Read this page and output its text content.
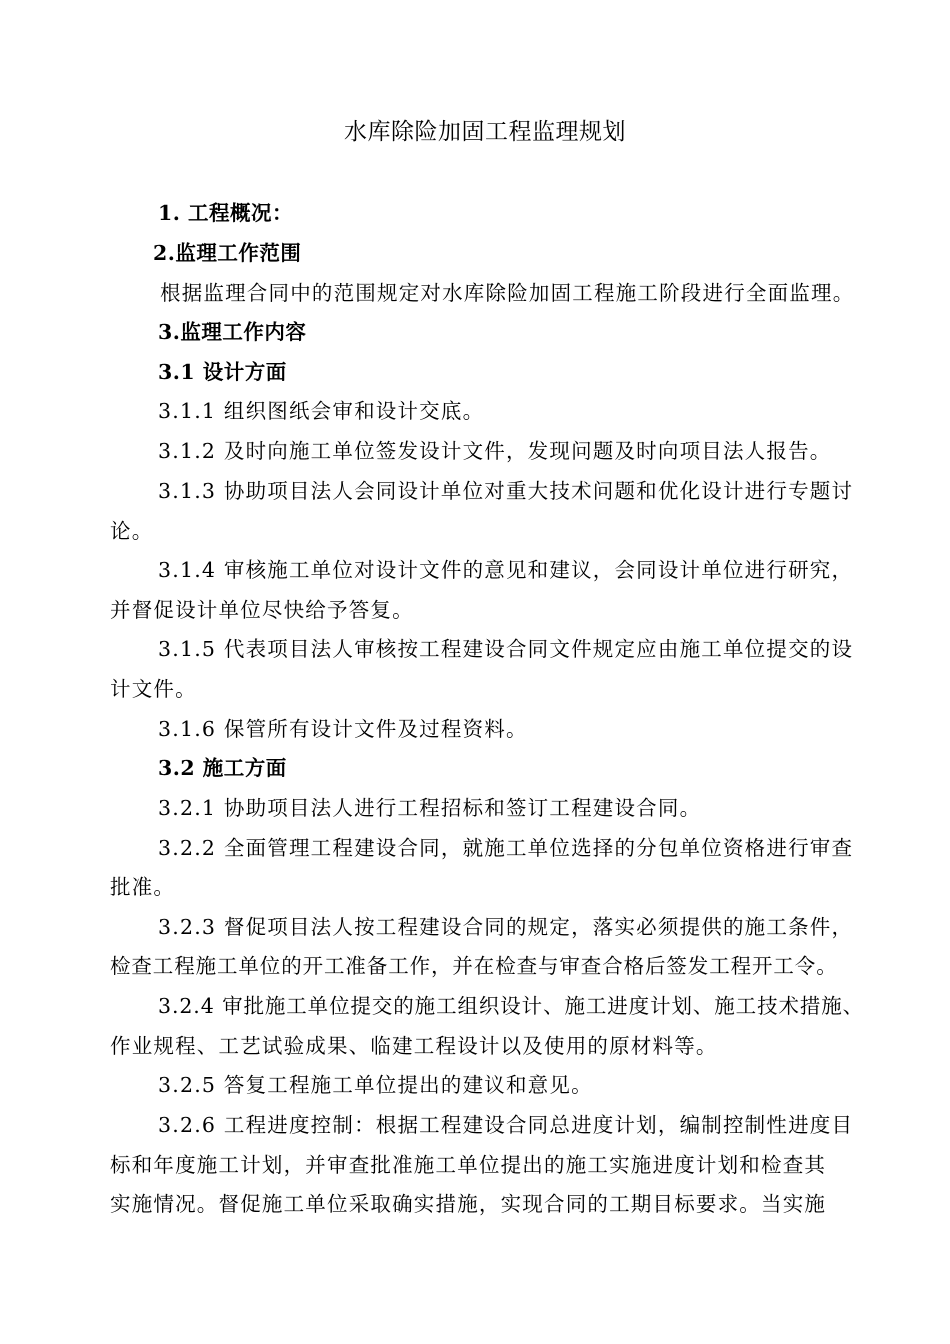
水库除险加固工程监理规划
1. 工程概况：
2.监理工作范围
根据监理合同中的范围规定对水库除险加固工程施工阶段进行全面监理。
3.监理工作内容
3.1 设计方面
3.1.1 组织图纸会审和设计交底。
3.1.2 及时向施工单位签发设计文件，发现问题及时向项目法人报告。
3.1.3 协助项目法人会同设计单位对重大技术问题和优化设计进行专题讨
论。
3.1.4 审核施工单位对设计文件的意见和建议，会同设计单位进行研究，
并督促设计单位尽快给予答复。
3.1.5 代表项目法人审核按工程建设合同文件规定应由施工单位提交的设
计文件。
3.1.6 保管所有设计文件及过程资料。
3.2 施工方面
3.2.1 协助项目法人进行工程招标和签订工程建设合同。
3.2.2 全面管理工程建设合同，就施工单位选择的分包单位资格进行审查
批准。
3.2.3 督促项目法人按工程建设合同的规定，落实必须提供的施工条件，
检查工程施工单位的开工准备工作，并在检查与审查合格后签发工程开工令。
3.2.4 审批施工单位提交的施工组织设计、施工进度计划、施工技术措施、
作业规程、工艺试验成果、临建工程设计以及使用的原材料等。
3.2.5 答复工程施工单位提出的建议和意见。
3.2.6 工程进度控制：根据工程建设合同总进度计划，编制控制性进度目
标和年度施工计划，并审查批准施工单位提出的施工实施进度计划和检查其
实施情况。督促施工单位采取确实措施，实现合同的工期目标要求。当实施
